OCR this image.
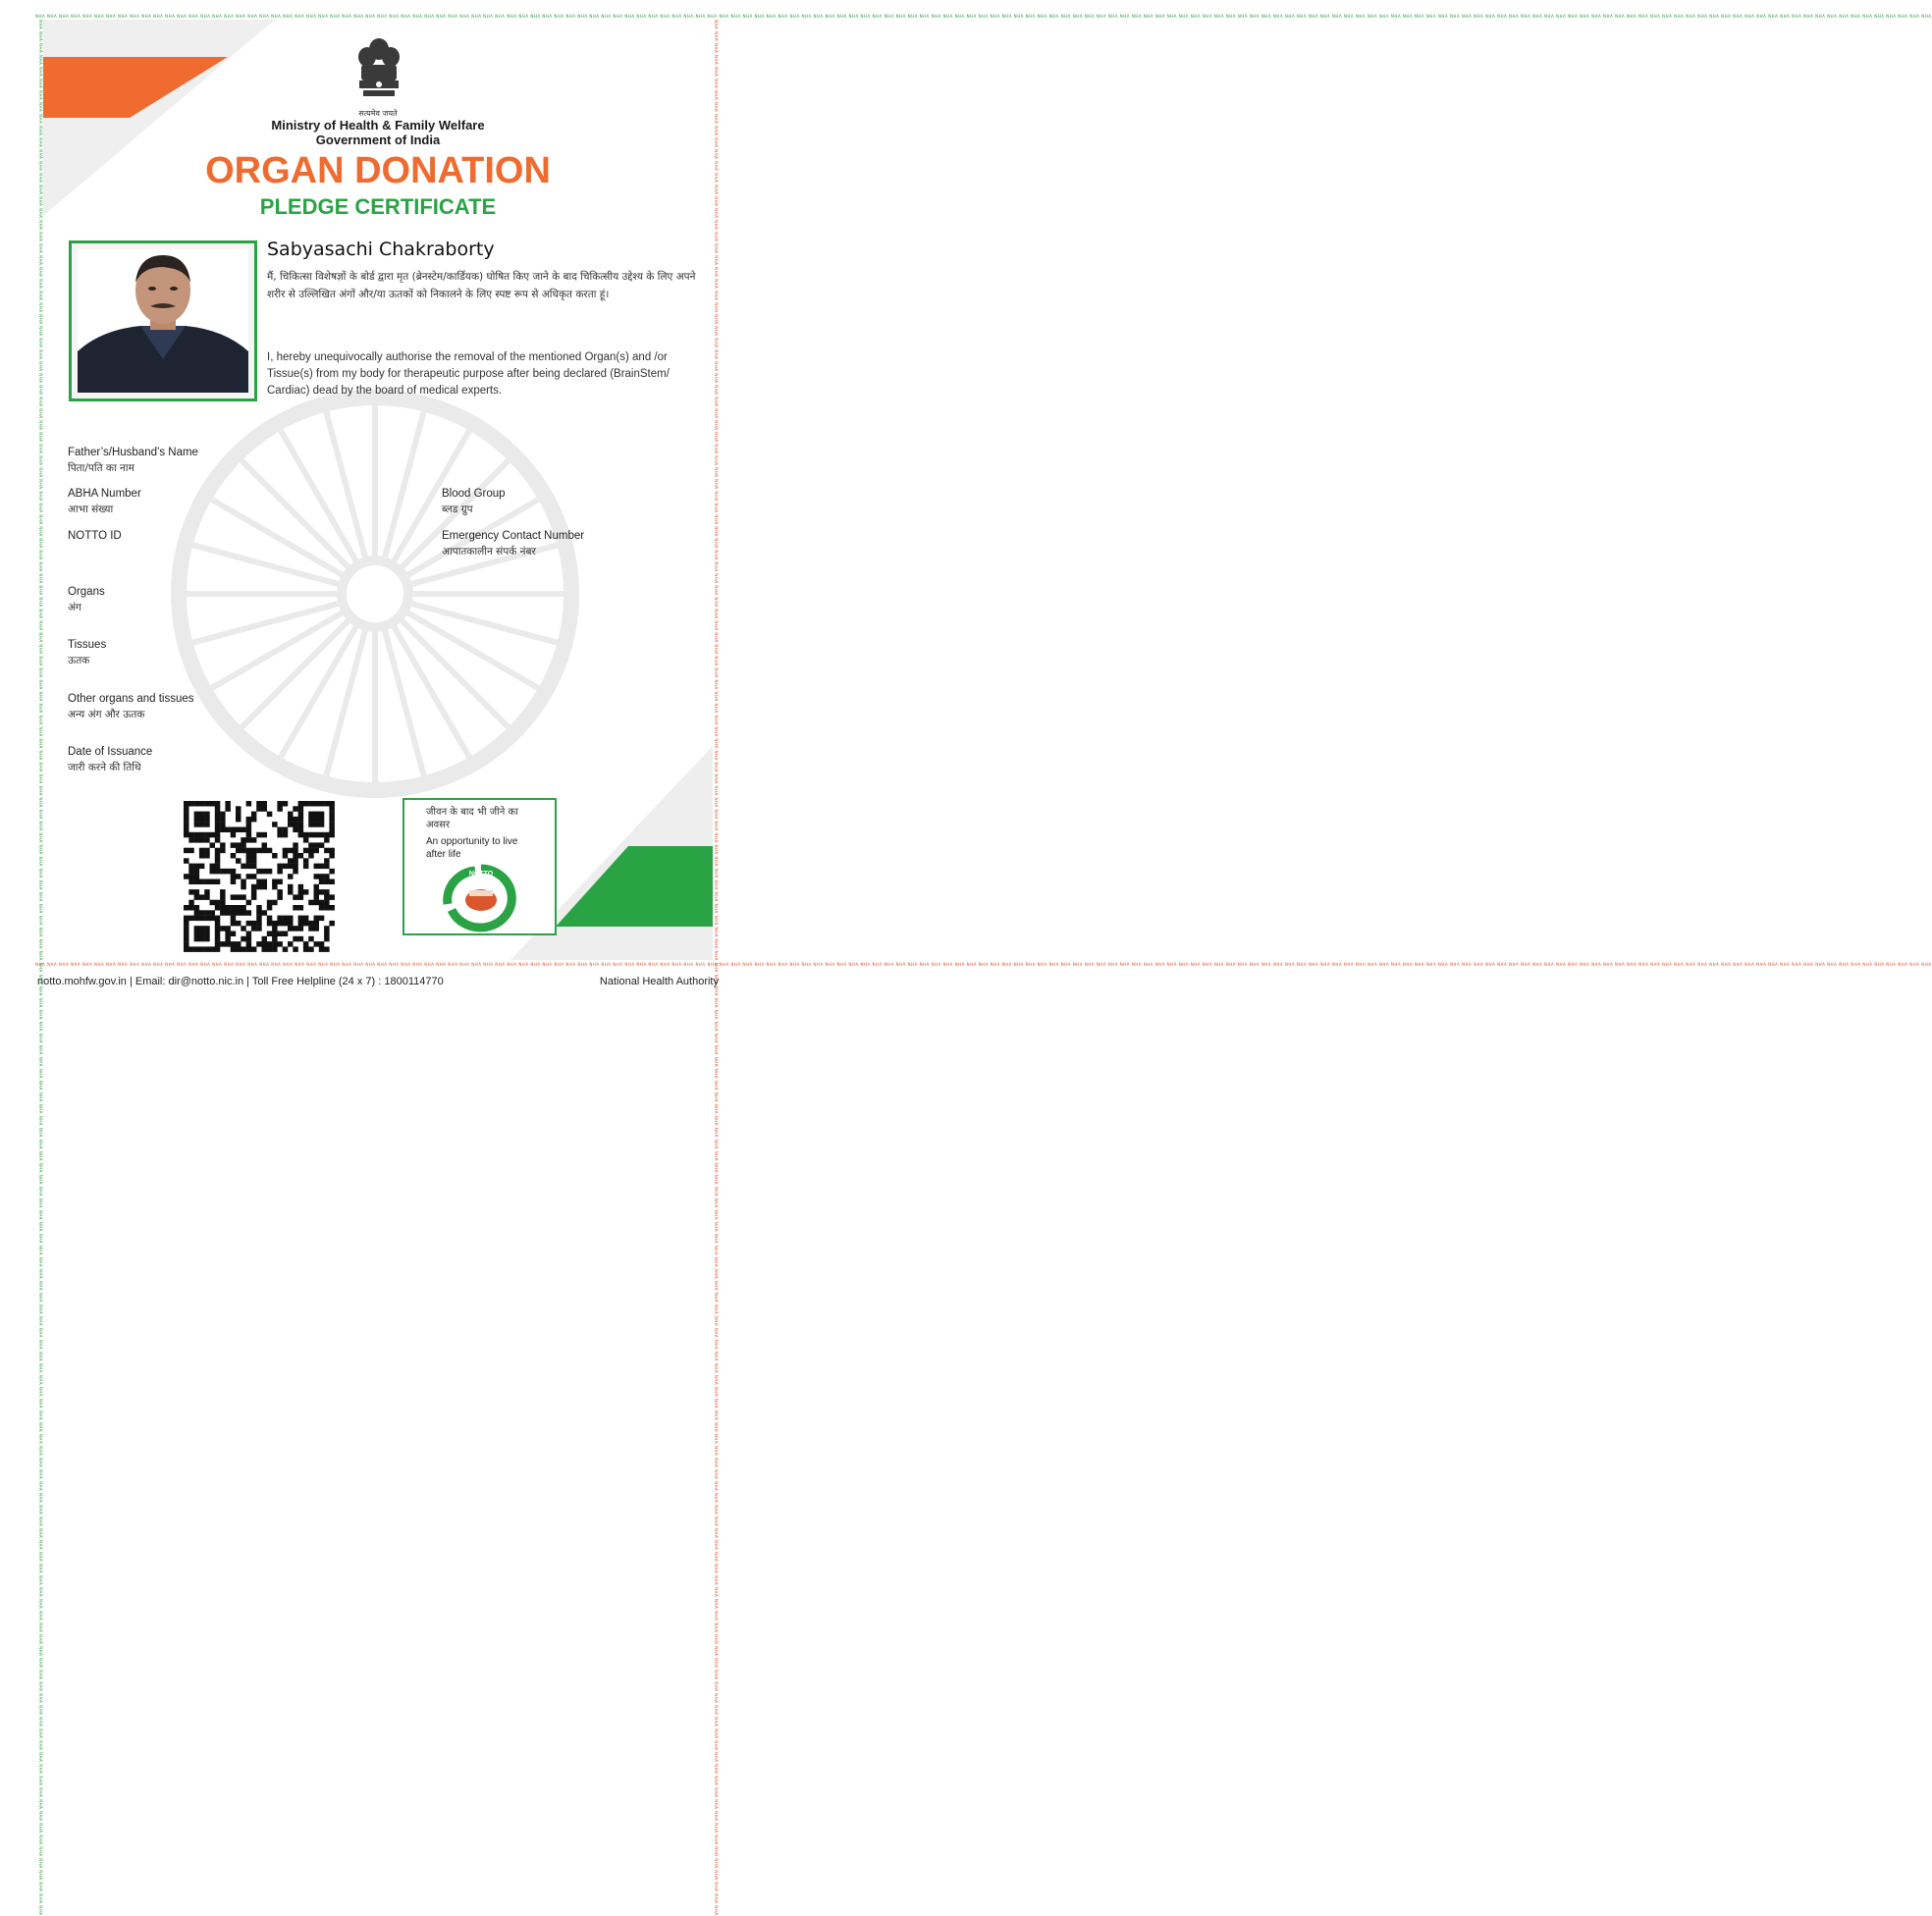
NHA NHA NHA NHA NHA NHA NHA NHA NHA NHA NHA NHA NHA NHA NHA NHA NHA NHA NHA NHA NHA NHA NHA NHA NHA NHA NHA NHA NHA NHA NHA NHA NHA NHA NHA NHA NHA NHA NHA NHA NHA NHA NHA NHA NHA NHA NHA NHA NHA NHA NHA NHA NHA NHA NHA NHA NHA NHA NHA NHA NHA NHA NHA NHA NHA NHA NHA NHA NHA NHA NHA NHA NHA NHA NHA NHA NHA NHA NHA NHA NHA NHA NHA NHA NHA NHA NHA NHA NHA NHA NHA NHA NHA NHA NHA NHA NHA NHA NHA NHA NHA NHA NHA NHA NHA NHA NHA NHA NHA NHA NHA NHA NHA NHA NHA NHA NHA NHA NHA NHA NHA NHA NHA NHA NHA NHA NHA NHA NHA NHA NHA NHA NHA NHA NHA NHA NHA NHA NHA NHA NHA NHA NHA NHA NHA NHA NHA NHA NHA NHA NHA NHA NHA NHA NHA NHA NHA NHA NHA NHA NHA
NHA NHA NHA NHA NHA NHA NHA NHA NHA NHA NHA NHA NHA NHA NHA NHA NHA NHA NHA NHA NHA NHA NHA NHA NHA NHA NHA NHA NHA NHA NHA NHA NHA NHA NHA NHA NHA NHA NHA NHA NHA NHA NHA NHA NHA NHA NHA NHA NHA NHA NHA NHA NHA NHA NHA NHA NHA NHA NHA NHA NHA NHA NHA NHA NHA NHA NHA NHA NHA NHA NHA NHA NHA NHA NHA NHA NHA NHA NHA NHA NHA NHA NHA NHA NHA NHA NHA NHA NHA NHA NHA NHA NHA NHA NHA NHA NHA NHA NHA NHA NHA NHA NHA NHA NHA NHA NHA NHA NHA NHA NHA NHA NHA NHA NHA NHA NHA NHA NHA NHA NHA NHA NHA NHA NHA NHA NHA NHA NHA NHA NHA NHA NHA NHA NHA NHA NHA NHA NHA NHA NHA NHA NHA NHA NHA NHA NHA NHA NHA NHA NHA NHA NHA NHA NHA NHA NHA NHA NHA NHA NHA
NHA NHA NHA NHA NHA NHA NHA NHA NHA NHA NHA NHA NHA NHA NHA NHA NHA NHA NHA NHA NHA NHA NHA NHA NHA NHA NHA NHA NHA NHA NHA NHA NHA NHA NHA NHA NHA NHA NHA NHA NHA NHA NHA NHA NHA NHA NHA NHA NHA NHA NHA NHA NHA NHA NHA NHA NHA NHA NHA NHA NHA NHA NHA NHA NHA NHA NHA NHA NHA NHA NHA NHA NHA NHA NHA NHA NHA NHA NHA NHA NHA NHA NHA NHA NHA NHA NHA NHA NHA NHA NHA NHA NHA NHA NHA NHA NHA NHA NHA NHA NHA NHA NHA NHA NHA NHA NHA NHA NHA NHA NHA NHA NHA NHA NHA NHA NHA NHA NHA NHA NHA NHA NHA NHA NHA NHA NHA NHA NHA NHA NHA NHA NHA NHA NHA NHA NHA NHA NHA NHA NHA NHA NHA NHA NHA NHA NHA NHA NHA NHA NHA NHA NHA NHA NHA NHA NHA NHA NHA NHA NHA	NHA NHA NHA NHA NHA NHA NHA NHA NHA NHA NHA NHA NHA NHA NHA NHA NHA NHA NHA NHA NHA NHA NHA NHA NHA NHA NHA NHA NHA NHA NHA NHA NHA NHA NHA NHA NHA NHA NHA NHA NHA NHA NHA NHA NHA NHA NHA NHA NHA NHA NHA NHA NHA NHA NHA NHA NHA NHA NHA NHA NHA NHA NHA NHA NHA NHA NHA NHA NHA NHA NHA NHA NHA NHA NHA NHA NHA NHA NHA NHA NHA NHA NHA NHA NHA NHA NHA NHA NHA NHA NHA NHA NHA NHA NHA NHA NHA NHA NHA NHA NHA NHA NHA NHA NHA NHA NHA NHA NHA NHA NHA NHA NHA NHA NHA NHA NHA NHA NHA NHA NHA NHA NHA NHA NHA NHA NHA NHA NHA NHA NHA NHA NHA NHA NHA NHA NHA NHA NHA NHA NHA NHA NHA NHA NHA NHA NHA NHA NHA NHA NHA NHA NHA NHA NHA NHA NHA NHA NHA NHA NHA
सत्यमेव जयते
Ministry of Health & Family Welfare
Government of India
ORGAN DONATION
PLEDGE CERTIFICATE
Sabyasachi Chakraborty
मैं, चिकित्सा विशेषज्ञों के बोर्ड द्वारा मृत (ब्रेनस्टेम/कार्डियक) घोषित किए जाने के बाद चिकित्सीय उद्देश्य के लिए अपने शरीर से उल्लिखित अंगों और/या ऊतकों को निकालने के लिए स्पष्ट रूप से अधिकृत करता हूं।
I, hereby unequivocally authorise the removal of the mentioned Organ(s) and /or Tissue(s) from my body for therapeutic purpose after being declared (BrainStem/ Cardiac) dead by the board of medical experts.
Father’s/Husband’s Name
पिता/पति का नाम
ABHA Number
आभा संख्या
Blood Group
ब्लड ग्रुप
NOTTO ID	Emergency Contact Number
आपातकालीन संपर्क नंबर
Organs
अंग
Tissues
ऊतक
Other organs and tissues
अन्य अंग और ऊतक
Date of Issuance
जारी करने की तिथि
जीवन के बाद भी जीने का अवसर
An opportunity to live after life
NOTTO
notto.mohfw.gov.in | Email: dir@notto.nic.in | Toll Free Helpline (24 x 7) : 1800114770	National Health Authority
